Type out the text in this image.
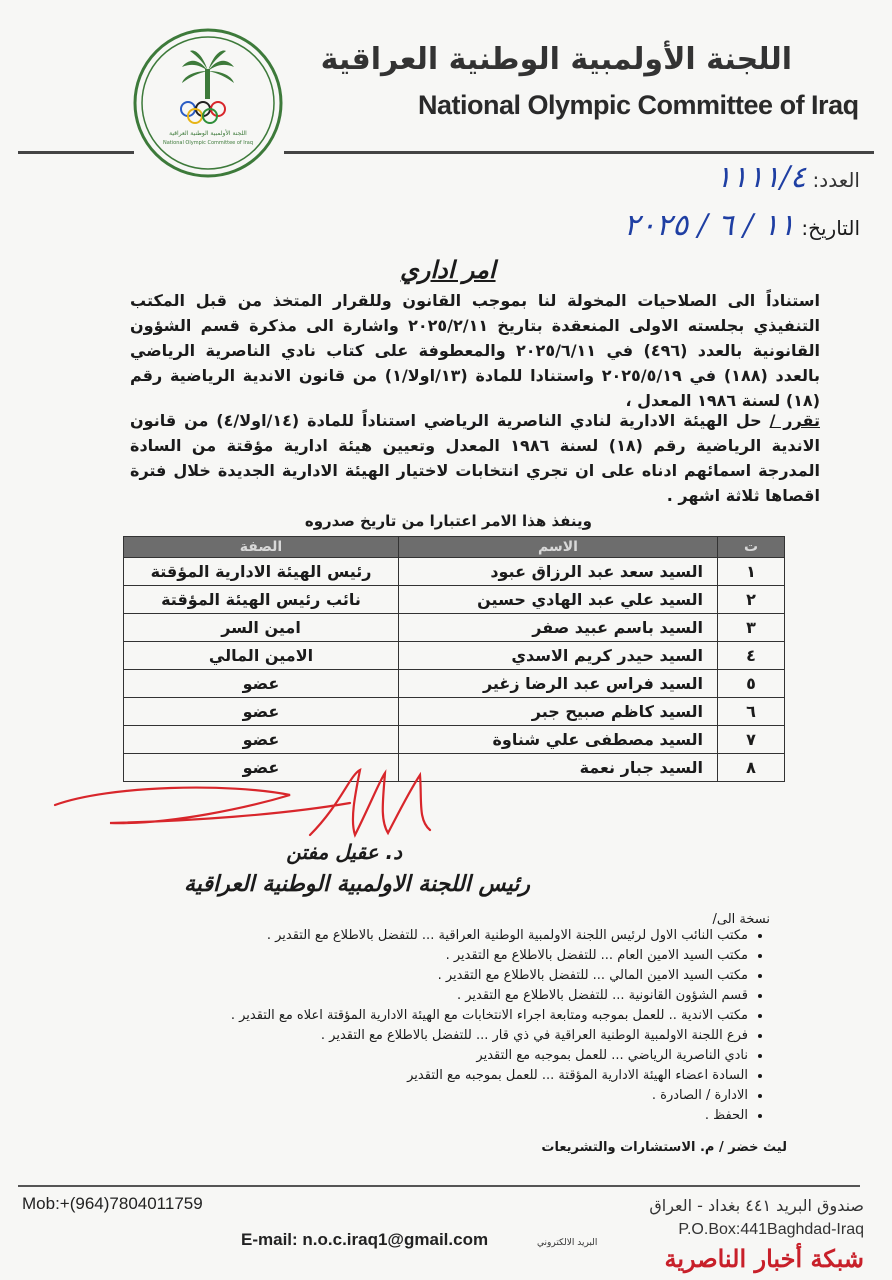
اللجنة الأولمبية الوطنية العراقية
National Olympic Committee of Iraq
اللجنة الأولمبية الوطنية العراقية
National Olympic Committee of Iraq
العدد: ١١١١/٤
التاريخ: ١١ / ٦ / ٢٠٢٥
امر اداري
استناداً الى الصلاحيات المخولة لنا بموجب القانون وللقرار المتخذ من قبل المكتب التنفيذي بجلسته الاولى المنعقدة بتاريخ ٢٠٢٥/٢/١١ واشارة الى مذكرة قسم الشؤون القانونية بالعدد (٤٩٦) في ٢٠٢٥/٦/١١ والمعطوفة على كتاب نادي الناصرية الرياضي بالعدد (١٨٨) في ٢٠٢٥/٥/١٩ واستنادا للمادة (١٣/اولا/١) من قانون الاندية الرياضية رقم (١٨) لسنة ١٩٨٦ المعدل ،
تقرر / حل الهيئة الادارية لنادي الناصرية الرياضي استناداً للمادة (١٤/اولا/٤) من قانون الاندية الرياضية رقم (١٨) لسنة ١٩٨٦ المعدل وتعيين هيئة ادارية مؤقتة من السادة المدرجة اسمائهم ادناه على ان تجري انتخابات لاختيار الهيئة الادارية الجديدة خلال فترة اقصاها ثلاثة اشهر .
وينفذ هذا الامر اعتبارا من تاريخ صدروه
ت	الاسم	الصفة
١	السيد سعد عبد الرزاق عبود	رئيس الهيئة الادارية المؤقتة
٢	السيد علي عبد الهادي حسين	نائب رئيس الهيئة المؤقتة
٣	السيد باسم عبيد صفر	امين السر
٤	السيد حيدر كريم الاسدي	الامين المالي
٥	السيد فراس عبد الرضا زغير	عضو
٦	السيد كاظم صبيح جبر	عضو
٧	السيد مصطفى علي شناوة	عضو
٨	السيد جبار نعمة	عضو
د. عقيل مفتن
رئيس اللجنة الاولمبية الوطنية العراقية
نسخة الى/
• مكتب النائب الاول لرئيس اللجنة الاولمبية الوطنية العراقية ... للتفضل بالاطلاع مع التقدير .
• مكتب السيد الامين العام ... للتفضل بالاطلاع مع التقدير .
• مكتب السيد الامين المالي ... للتفضل بالاطلاع مع التقدير .
• قسم الشؤون القانونية ... للتفضل بالاطلاع مع التقدير .
• مكتب الاندية .. للعمل بموجبه ومتابعة اجراء الانتخابات مع الهيئة الادارية المؤقتة اعلاه مع التقدير .
• فرع اللجنة الاولمبية الوطنية العراقية في ذي قار ... للتفضل بالاطلاع مع التقدير .
• نادي الناصرية الرياضي ... للعمل بموجبه مع التقدير
• السادة اعضاء الهيئة الادارية المؤقتة ... للعمل بموجبه مع التقدير
• الادارة / الصادرة .
• الحفظ .
ليث خضر / م. الاستشارات والتشريعات
Mob:+(964)7804011759	صندوق البريد ٤٤١ بغداد - العراق
P.O.Box:441Baghdad-Iraq
E-mail: n.o.c.iraq1@gmail.com	البريد الالكتروني
شبكة أخبار الناصرية
